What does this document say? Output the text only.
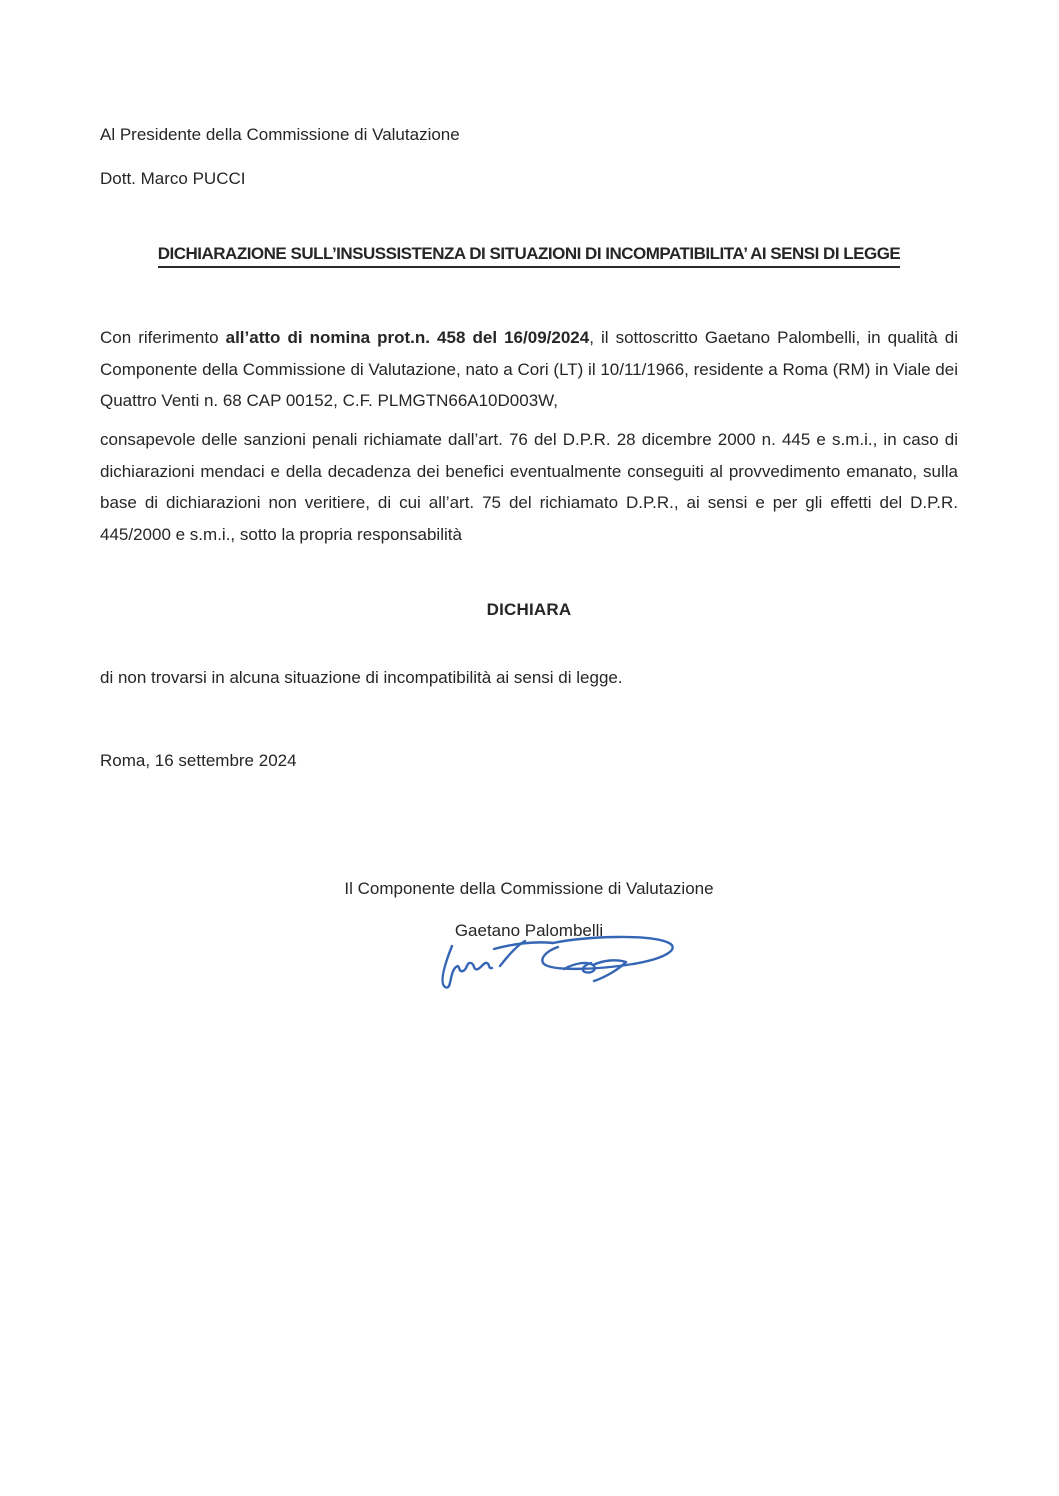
Al Presidente della Commissione di Valutazione
Dott. Marco PUCCI
DICHIARAZIONE SULL’INSUSSISTENZA DI SITUAZIONI DI INCOMPATIBILITA’ AI SENSI DI LEGGE
Con riferimento all’atto di nomina prot.n. 458 del 16/09/2024, il sottoscritto Gaetano Palombelli, in qualità di Componente della Commissione di Valutazione, nato a Cori (LT) il 10/11/1966, residente a Roma (RM) in Viale dei Quattro Venti n. 68 CAP 00152, C.F. PLMGTN66A10D003W,
consapevole delle sanzioni penali richiamate dall’art. 76 del D.P.R. 28 dicembre 2000 n. 445 e s.m.i., in caso di dichiarazioni mendaci e della decadenza dei benefici eventualmente conseguiti al provvedimento emanato, sulla base di dichiarazioni non veritiere, di cui all’art. 75 del richiamato D.P.R., ai sensi e per gli effetti del D.P.R. 445/2000 e s.m.i., sotto la propria responsabilità
DICHIARA
di non trovarsi in alcuna situazione di incompatibilità ai sensi di legge.
Roma, 16 settembre 2024
Il Componente della Commissione di Valutazione
Gaetano Palombelli
